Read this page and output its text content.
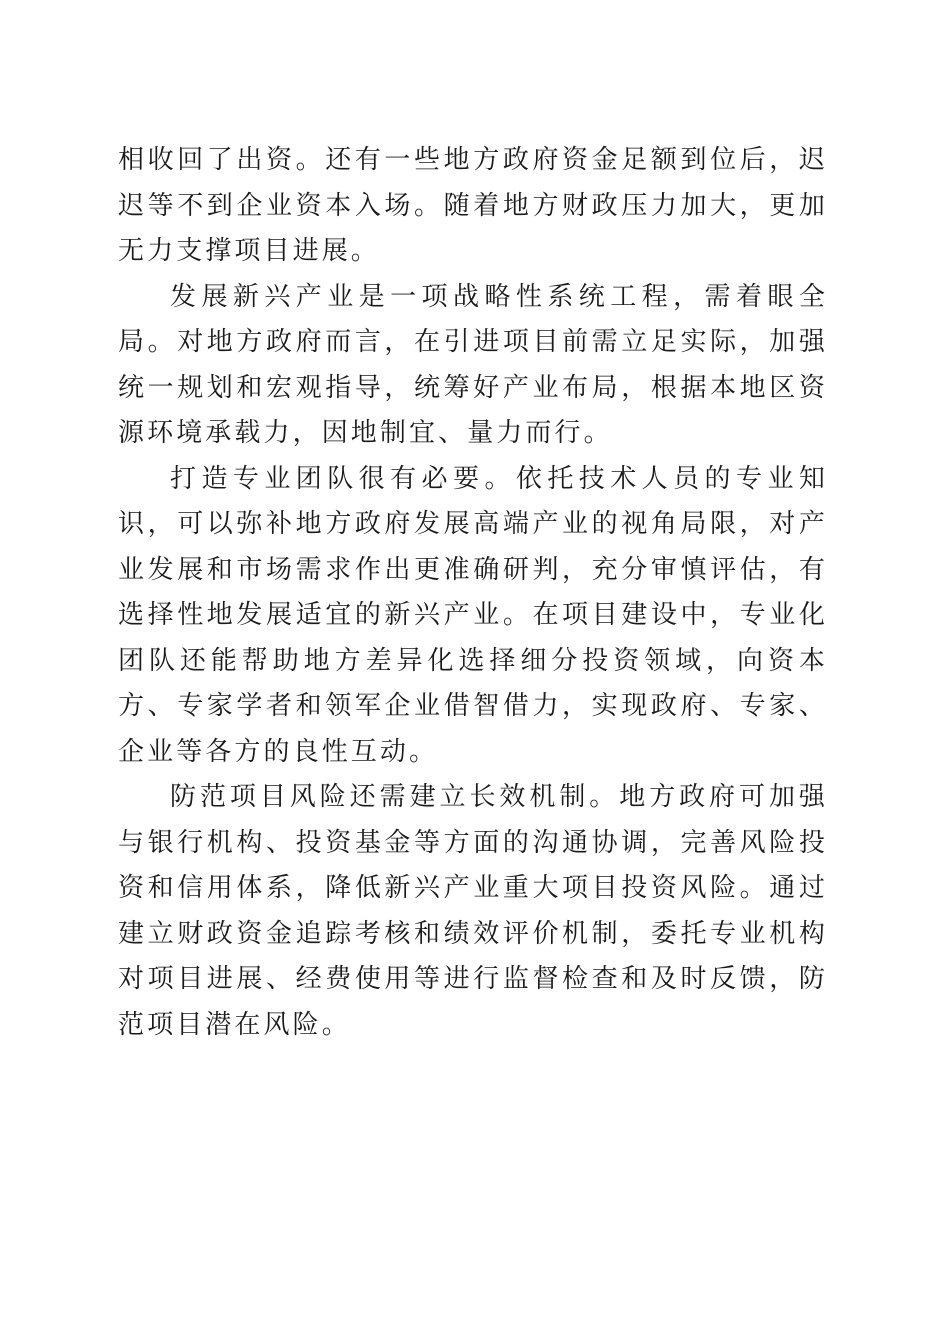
相收回了出资。还有一些地方政府资金足额到位后，迟迟等不到企业资本入场。随着地方财政压力加大，更加无力支撑项目进展。

发展新兴产业是一项战略性系统工程，需着眼全局。对地方政府而言，在引进项目前需立足实际，加强统一规划和宏观指导，统筹好产业布局，根据本地区资源环境承载力，因地制宜、量力而行。

打造专业团队很有必要。依托技术人员的专业知识，可以弥补地方政府发展高端产业的视角局限，对产业发展和市场需求作出更准确研判，充分审慎评估，有选择性地发展适宜的新兴产业。在项目建设中，专业化团队还能帮助地方差异化选择细分投资领域，向资本方、专家学者和领军企业借智借力，实现政府、专家、企业等各方的良性互动。

防范项目风险还需建立长效机制。地方政府可加强与银行机构、投资基金等方面的沟通协调，完善风险投资和信用体系，降低新兴产业重大项目投资风险。通过建立财政资金追踪考核和绩效评价机制，委托专业机构对项目进展、经费使用等进行监督检查和及时反馈，防范项目潜在风险。
